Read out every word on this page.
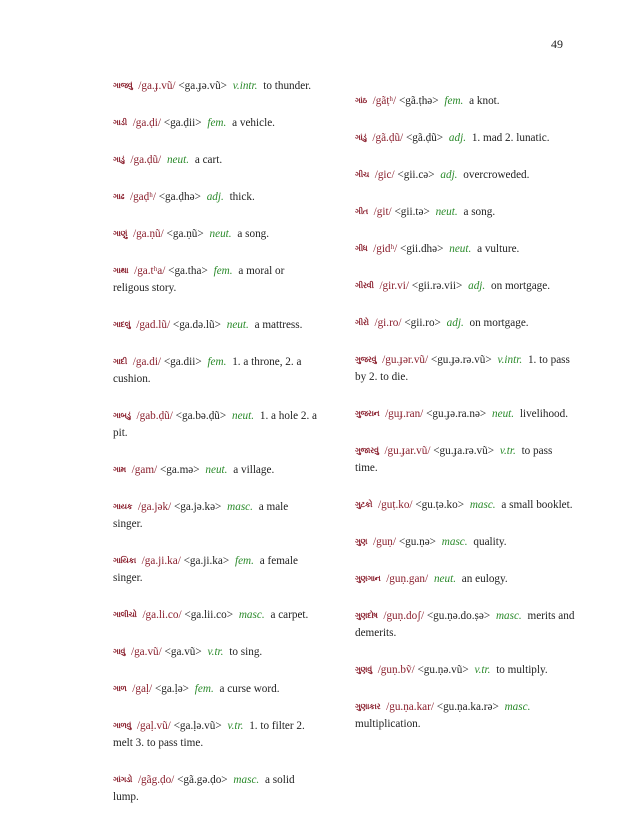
49
ગાજવું /ga.ɟ.vũ/ <ga.ɟə.vũ> v.intr. to thunder.
ગાડી /ga.ḍi/ <ga.ḍii> fem. a vehicle.
ગાડું /ga.ḍũ/ neut. a cart.
ગાઢ /gaḍʰ/ <ga.ḍhə> adj. thick.
ગાણું /ga.ṇũ/ <ga.ṇũ> neut. a song.
ગાથા /ga.tʰa/ <ga.tha> fem. a moral or religous story.
ગાદલું /gad.lũ/ <ga.də.lũ> neut. a mattress.
ગાદી /ga.di/ <ga.dii> fem. 1. a throne, 2. a cushion.
ગાબડું /gab.ḍũ/ <ga.bə.ḍũ> neut. 1. a hole 2. a pit.
ગામ /gam/ <ga.mə> neut. a village.
ગાયક /ga.jək/ <ga.jə.kə> masc. a male singer.
ગાયિકા /ga.ji.ka/ <ga.ji.ka> fem. a female singer.
ગાલીચો /ga.li.co/ <ga.lii.co> masc. a carpet.
ગાવું /ga.vũ/ <ga.vũ> v.tr. to sing.
ગાળ /gaḷ/ <ga.ḷə> fem. a curse word.
ગાળવું /gaḷ.vũ/ <ga.ḷə.vũ> v.tr. 1. to filter 2. melt 3. to pass time.
ગાંગડો /gãg.ḍo/ <gã.gə.ḍo> masc. a solid lump.
ગાંઠ /gãṭʰ/ <gã.ṭhə> fem. a knot.
ગાંડું /gã.ḍũ/ <gã.ḍũ> adj. 1. mad 2. lunatic.
ગીચ /gic/ <gii.cə> adj. overcroweded.
ગીત /git/ <gii.tə> neut. a song.
ગીધ /gidʰ/ <gii.dhə> neut. a vulture.
ગીરવી /gir.vi/ <gii.rə.vii> adj. on mortgage.
ગીરો /gi.ro/ <gii.ro> adj. on mortgage.
ગુજરવું /gu.ɟər.vũ/ <gu.ɟə.rə.vũ> v.intr. 1. to pass by 2. to die.
ગુજરાન /guɟ.ran/ <gu.ɟə.ra.nə> neut. livelihood.
ગુજારવું /gu.ɟar.vũ/ <gu.ɟa.rə.vũ> v.tr. to pass time.
ગુટકો /guṭ.ko/ <gu.ṭə.ko> masc. a small booklet.
ગુણ /guṇ/ <gu.ṇə> masc. quality.
ગુણગાન /guṇ.gan/ neut. an eulogy.
ગુણદોષ /guṇ.doʃ/ <gu.ṇə.do.ṣə> masc. merits and demerits.
ગુણવું /guṇ.bṽ/ <gu.ṇə.vũ> v.tr. to multiply.
ગુણાકાર /gu.ṇa.kar/ <gu.ṇa.ka.rə> masc. multiplication.
